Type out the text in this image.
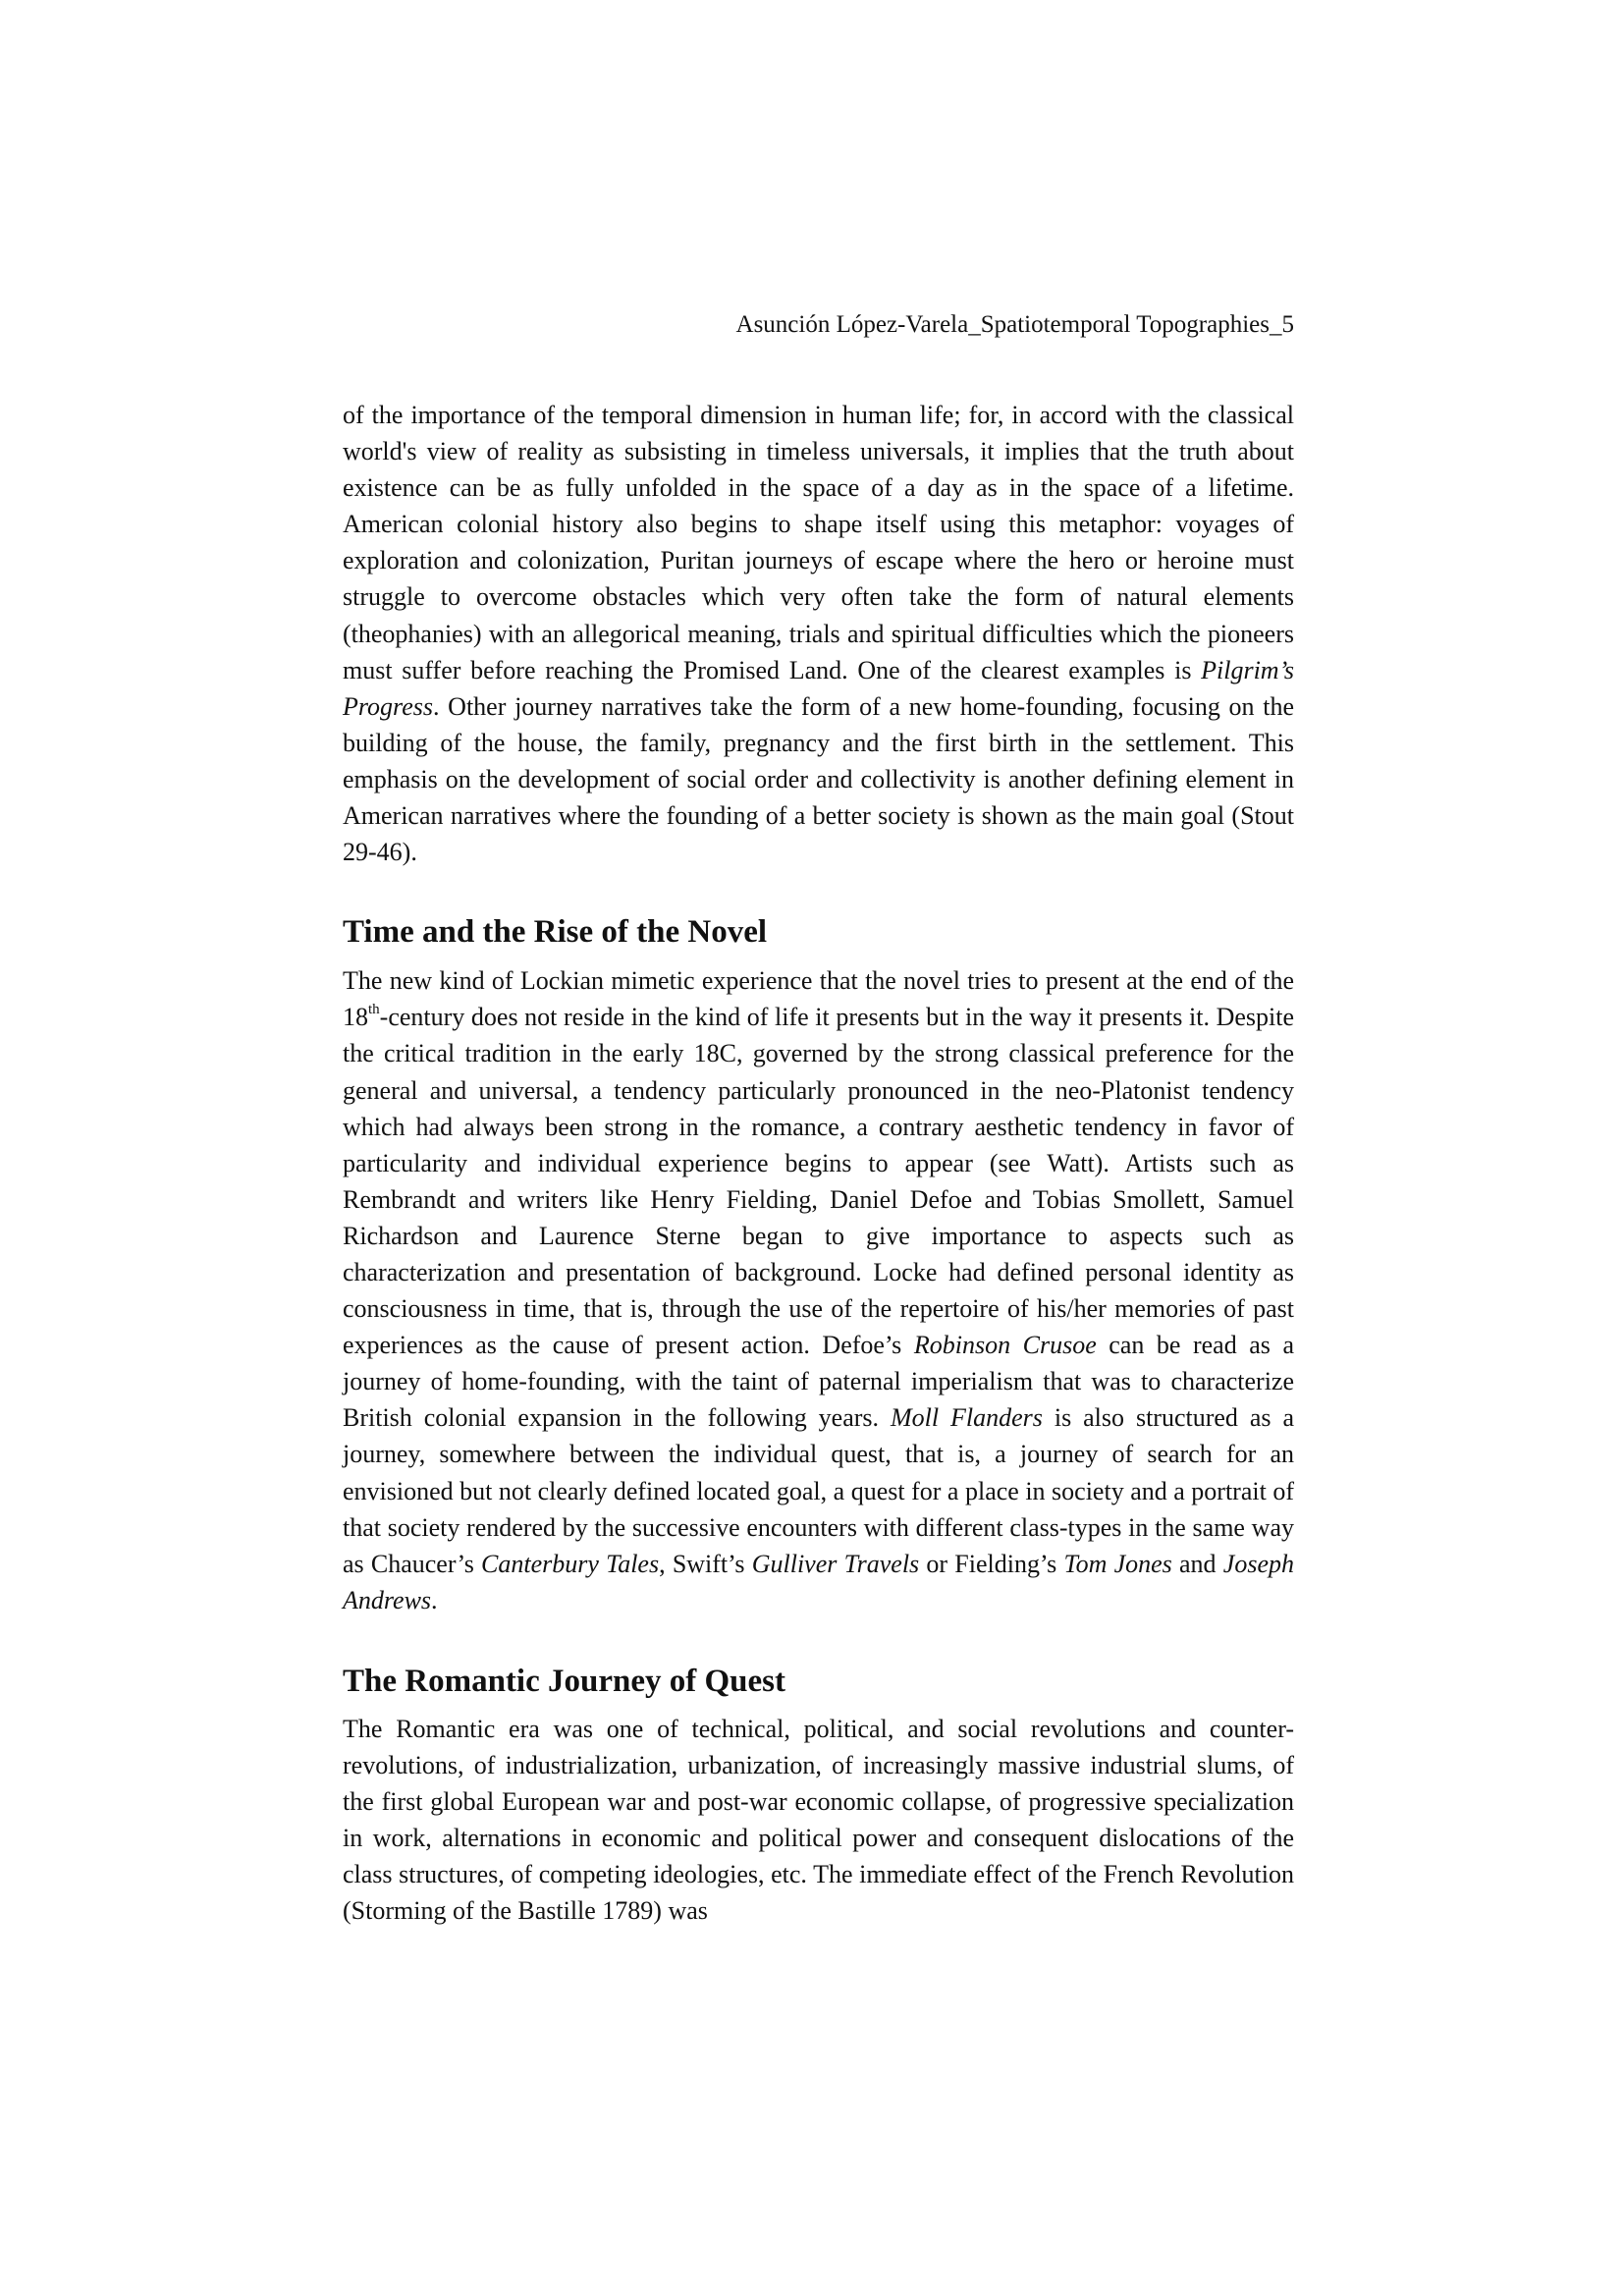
Asunción López-Varela_Spatiotemporal Topographies_5

of the importance of the temporal dimension in human life; for, in accord with the classical world's view of reality as subsisting in timeless universals, it implies that the truth about existence can be as fully unfolded in the space of a day as in the space of a lifetime. American colonial history also begins to shape itself using this metaphor: voyages of exploration and colonization, Puritan journeys of escape where the hero or heroine must struggle to overcome obstacles which very often take the form of natural elements (theophanies) with an allegorical meaning, trials and spiritual difficulties which the pioneers must suffer before reaching the Promised Land. One of the clearest examples is Pilgrim’s Progress. Other journey narratives take the form of a new home-founding, focusing on the building of the house, the family, pregnancy and the first birth in the settlement. This emphasis on the development of social order and collectivity is another defining element in American narratives where the founding of a better society is shown as the main goal (Stout 29-46).

Time and the Rise of the Novel

The new kind of Lockian mimetic experience that the novel tries to present at the end of the 18th-century does not reside in the kind of life it presents but in the way it presents it. Despite the critical tradition in the early 18C, governed by the strong classical preference for the general and universal, a tendency particularly pronounced in the neo-Platonist tendency which had always been strong in the romance, a contrary aesthetic tendency in favor of particularity and individual experience begins to appear (see Watt). Artists such as Rembrandt and writers like Henry Fielding, Daniel Defoe and Tobias Smollett, Samuel Richardson and Laurence Sterne began to give importance to aspects such as characterization and presentation of background. Locke had defined personal identity as consciousness in time, that is, through the use of the repertoire of his/her memories of past experiences as the cause of present action. Defoe’s Robinson Crusoe can be read as a journey of home-founding, with the taint of paternal imperialism that was to characterize British colonial expansion in the following years. Moll Flanders is also structured as a journey, somewhere between the individual quest, that is, a journey of search for an envisioned but not clearly defined located goal, a quest for a place in society and a portrait of that society rendered by the successive encounters with different class-types in the same way as Chaucer’s Canterbury Tales, Swift’s Gulliver Travels or Fielding’s Tom Jones and Joseph Andrews.

The Romantic Journey of Quest

The Romantic era was one of technical, political, and social revolutions and counter-revolutions, of industrialization, urbanization, of increasingly massive industrial slums, of the first global European war and post-war economic collapse, of progressive specialization in work, alternations in economic and political power and consequent dislocations of the class structures, of competing ideologies, etc. The immediate effect of the French Revolution (Storming of the Bastille 1789) was
